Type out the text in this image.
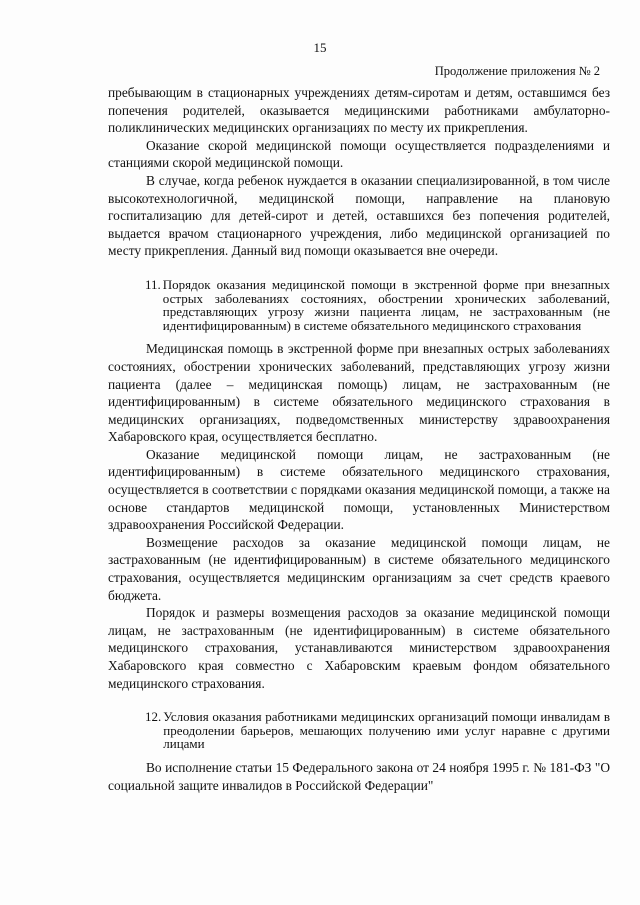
15
Продолжение приложения № 2

пребывающим в стационарных учреждениях детям-сиротам и детям, оставшимся без попечения родителей, оказывается медицинскими работниками амбулаторно-поликлинических медицинских организациях по месту их прикрепления.

Оказание скорой медицинской помощи осуществляется подразделениями и станциями скорой медицинской помощи.

В случае, когда ребенок нуждается в оказании специализированной, в том числе высокотехнологичной, медицинской помощи, направление на плановую госпитализацию для детей-сирот и детей, оставшихся без попечения родителей, выдается врачом стационарного учреждения, либо медицинской организацией по месту прикрепления. Данный вид помощи оказывается вне очереди.

11. Порядок оказания медицинской помощи в экстренной форме при внезапных острых заболеваниях состояниях, обострении хронических заболеваний, представляющих угрозу жизни пациента лицам, не застрахованным (не идентифицированным) в системе обязательного медицинского страхования

Медицинская помощь в экстренной форме при внезапных острых заболеваниях состояниях, обострении хронических заболеваний, представляющих угрозу жизни пациента (далее – медицинская помощь) лицам, не застрахованным (не идентифицированным) в системе обязательного медицинского страхования в медицинских организациях, подведомственных министерству здравоохранения Хабаровского края, осуществляется бесплатно.

Оказание медицинской помощи лицам, не застрахованным (не идентифицированным) в системе обязательного медицинского страхования, осуществляется в соответствии с порядками оказания медицинской помощи, а также на основе стандартов медицинской помощи, установленных Министерством здравоохранения Российской Федерации.

Возмещение расходов за оказание медицинской помощи лицам, не застрахованным (не идентифицированным) в системе обязательного медицинского страхования, осуществляется медицинским организациям за счет средств краевого бюджета.

Порядок и размеры возмещения расходов за оказание медицинской помощи лицам, не застрахованным (не идентифицированным) в системе обязательного медицинского страхования, устанавливаются министерством здравоохранения Хабаровского края совместно с Хабаровским краевым фондом обязательного медицинского страхования.

12. Условия оказания работниками медицинских организаций помощи инвалидам в преодолении барьеров, мешающих получению ими услуг наравне с другими лицами

Во исполнение статьи 15 Федерального закона от 24 ноября 1995 г. № 181-ФЗ "О социальной защите инвалидов в Российской Федерации"
